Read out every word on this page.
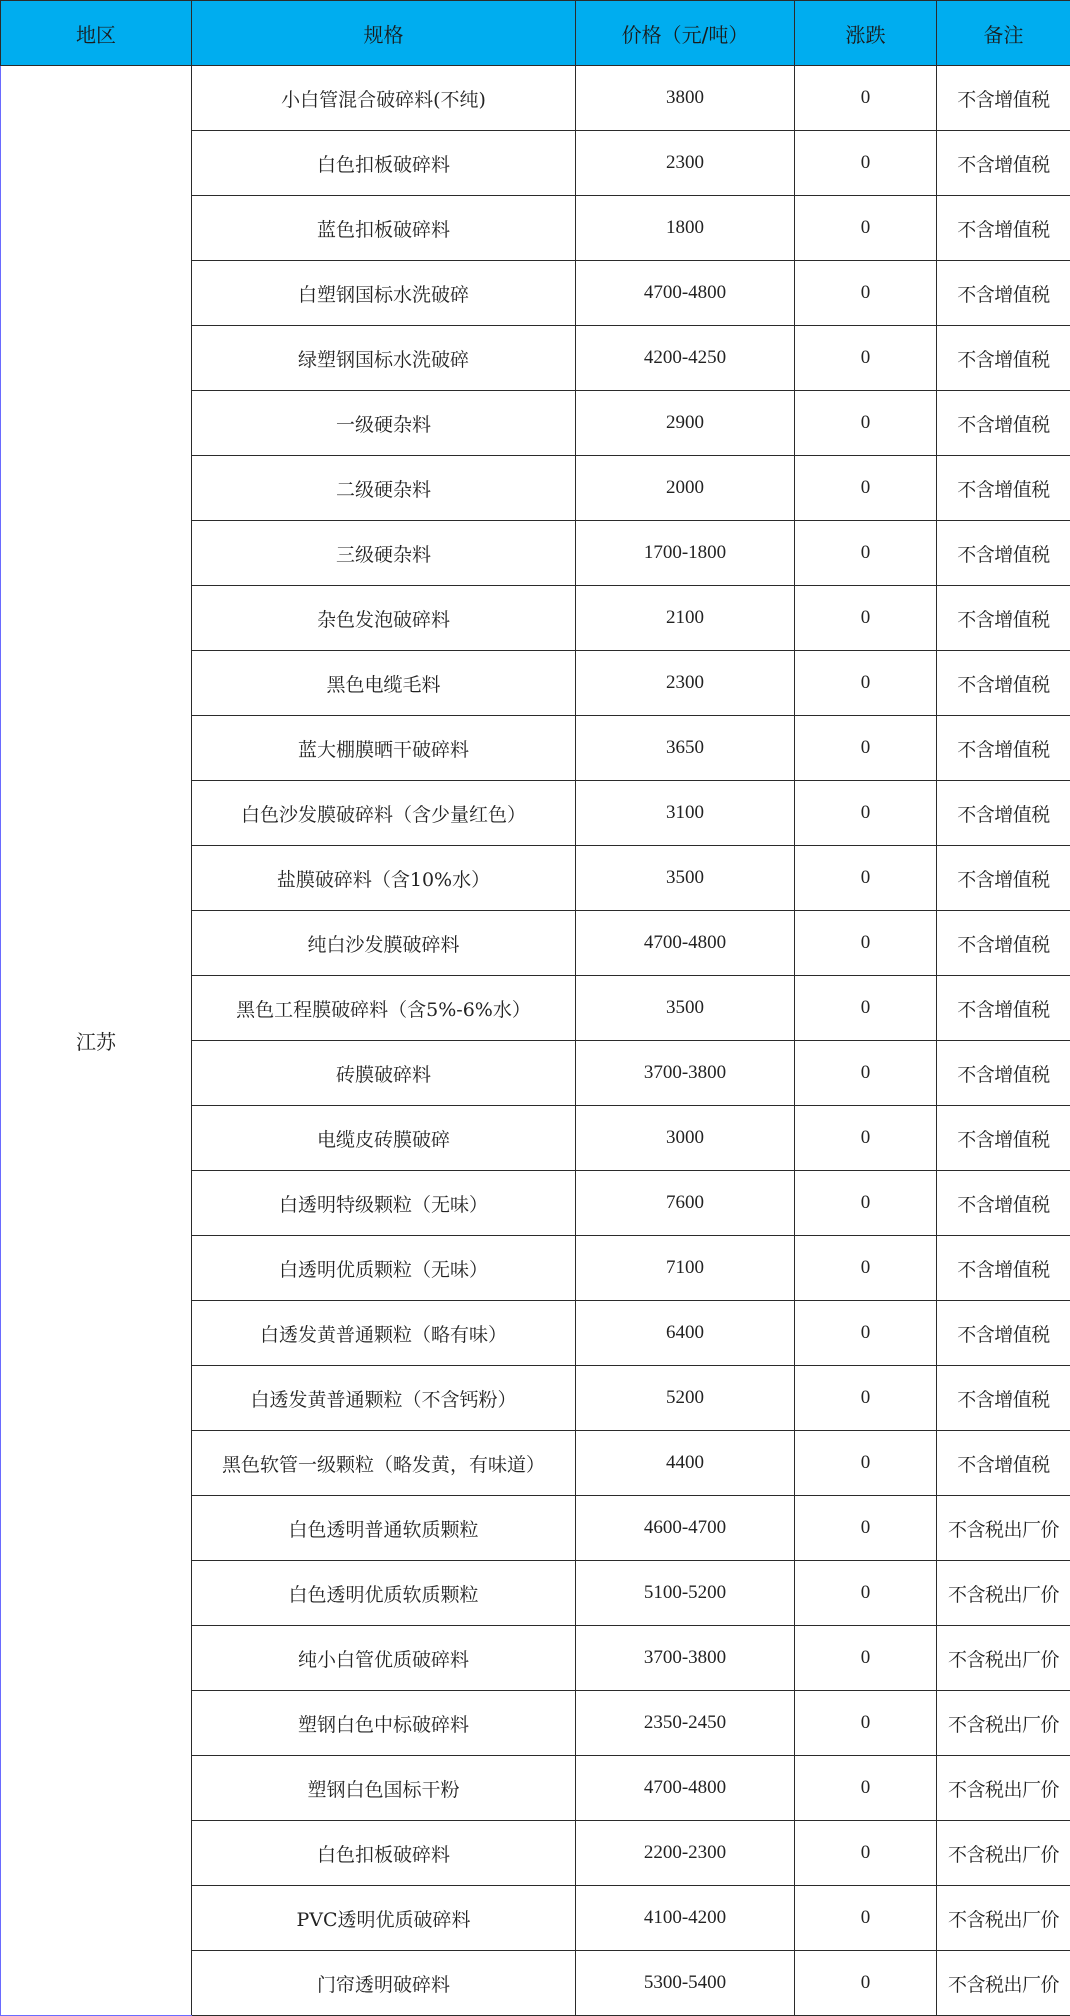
地区	规格	价格（元/吨）	涨跌	备注
江苏	小白管混合破碎料(不纯)	3800	0	不含增值税
	白色扣板破碎料	2300	0	不含增值税
	蓝色扣板破碎料	1800	0	不含增值税
	白塑钢国标水洗破碎	4700-4800	0	不含增值税
	绿塑钢国标水洗破碎	4200-4250	0	不含增值税
	一级硬杂料	2900	0	不含增值税
	二级硬杂料	2000	0	不含增值税
	三级硬杂料	1700-1800	0	不含增值税
	杂色发泡破碎料	2100	0	不含增值税
	黑色电缆毛料	2300	0	不含增值税
	蓝大棚膜晒干破碎料	3650	0	不含增值税
	白色沙发膜破碎料（含少量红色）	3100	0	不含增值税
	盐膜破碎料（含10%水）	3500	0	不含增值税
	纯白沙发膜破碎料	4700-4800	0	不含增值税
	黑色工程膜破碎料（含5%-6%水）	3500	0	不含增值税
	砖膜破碎料	3700-3800	0	不含增值税
	电缆皮砖膜破碎	3000	0	不含增值税
	白透明特级颗粒（无味）	7600	0	不含增值税
	白透明优质颗粒（无味）	7100	0	不含增值税
	白透发黄普通颗粒（略有味）	6400	0	不含增值税
	白透发黄普通颗粒（不含钙粉）	5200	0	不含增值税
	黑色软管一级颗粒（略发黄，有味道）	4400	0	不含增值税
	白色透明普通软质颗粒	4600-4700	0	不含税出厂价
	白色透明优质软质颗粒	5100-5200	0	不含税出厂价
	纯小白管优质破碎料	3700-3800	0	不含税出厂价
	塑钢白色中标破碎料	2350-2450	0	不含税出厂价
	塑钢白色国标干粉	4700-4800	0	不含税出厂价
	白色扣板破碎料	2200-2300	0	不含税出厂价
	PVC透明优质破碎料	4100-4200	0	不含税出厂价
	门帘透明破碎料	5300-5400	0	不含税出厂价
